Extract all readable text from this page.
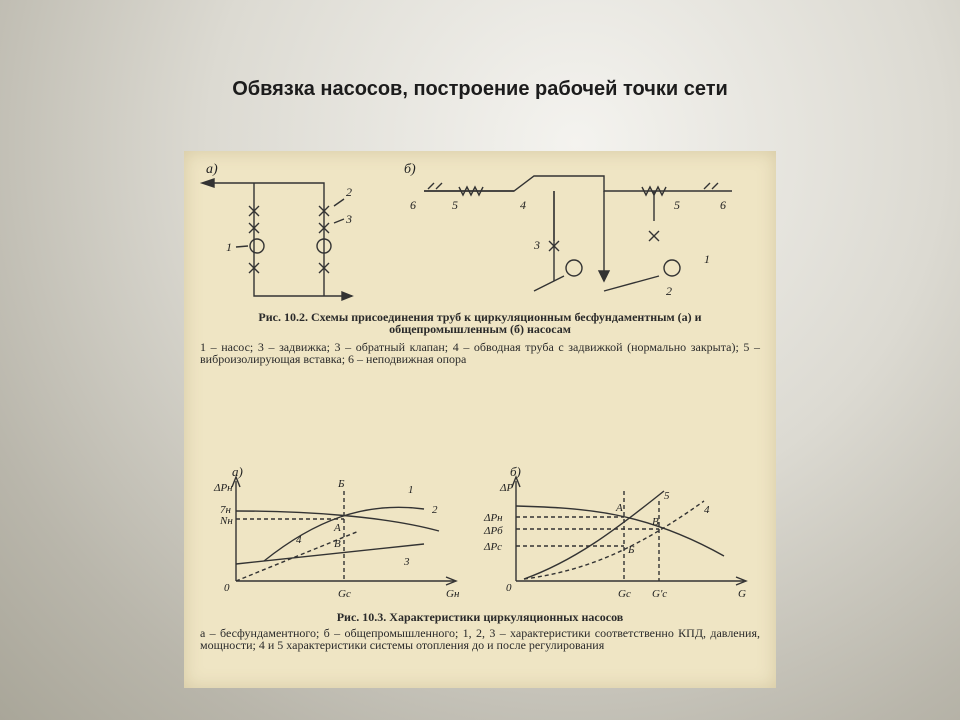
Обвязка насосов, построение рабочей точки сети
а)	б)
1
2
3
6	5	4
3
1
5	6
2
а)
ΔPн
7н
Nн
0	Gс	Gн
Б
А
В
1
2
3
4
б)
ΔP
ΔPн
ΔPб
ΔPс
0	Gс G'с	G
А
В
Б
5
4
Рис. 10.2. Схемы присоединения труб к циркуляционным бесфундаментным (а) и общепромышленным (б) насосам
1 – насос; 3 – задвижка; 3 – обратный клапан; 4 – обводная труба с задвижкой (нормально закрыта); 5 – виброизолирующая вставка; 6 – неподвижная опора
Рис. 10.3. Характеристики циркуляционных насосов
а – бесфундаментного; б – общепромышленного; 1, 2, 3 – характеристики соответственно КПД, давления, мощности; 4 и 5 характеристики системы отопления до и после регулирования
